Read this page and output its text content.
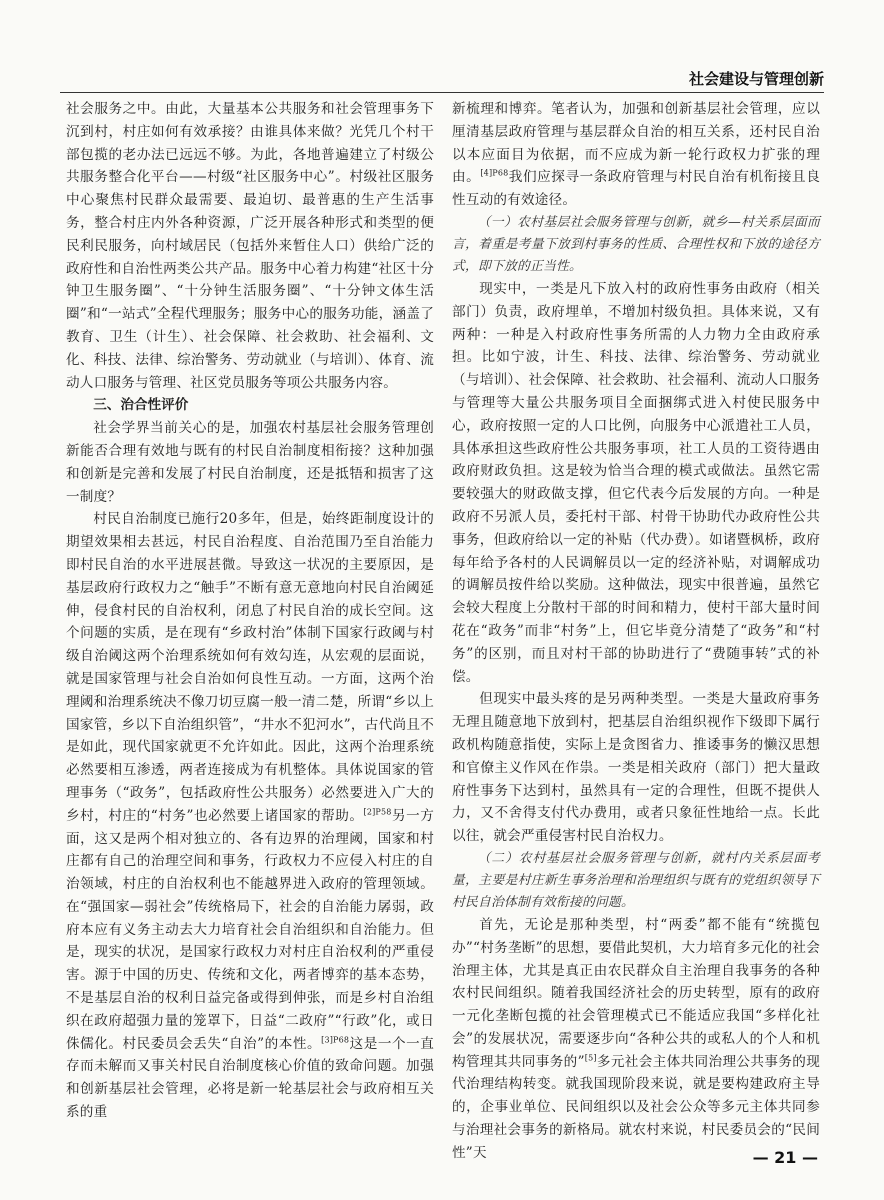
社会建设与管理创新

社会服务之中。由此，大量基本公共服务和社会管理事务下沉到村，村庄如何有效承接？由谁具体来做？光凭几个村干部包揽的老办法已远远不够。为此，各地普遍建立了村级公共服务整合化平台——村级“社区服务中心”。村级社区服务中心聚焦村民群众最需要、最迫切、最普惠的生产生活事务，整合村庄内外各种资源，广泛开展各种形式和类型的便民利民服务，向村域居民（包括外来暂住人口）供给广泛的政府性和自治性两类公共产品。服务中心着力构建“社区十分钟卫生服务圈”、“十分钟生活服务圈”、“十分钟文体生活圈”和“一站式”全程代理服务；服务中心的服务功能，涵盖了教育、卫生（计生）、社会保障、社会救助、社会福利、文化、科技、法律、综治警务、劳动就业（与培训）、体育、流动人口服务与管理、社区党员服务等项公共服务内容。

三、治合性评价

社会学界当前关心的是，加强农村基层社会服务管理创新能否合理有效地与既有的村民自治制度相衔接？这种加强和创新是完善和发展了村民自治制度，还是抵牾和损害了这一制度？

村民自治制度已施行20多年，但是，始终距制度设计的期望效果相去甚远，村民自治程度、自治范围乃至自治能力即村民自治的水平进展甚微。导致这一状况的主要原因，是基层政府行政权力之“触手”不断有意无意地向村民自治阈延伸，侵食村民的自治权利，闭息了村民自治的成长空间。这个问题的实质，是在现有“乡政村治”体制下国家行政阈与村级自治阈这两个治理系统如何有效勾连，从宏观的层面说，就是国家管理与社会自治如何良性互动。一方面，这两个治理阈和治理系统决不像刀切豆腐一般一清二楚，所谓“乡以上国家管，乡以下自治组织管”，“井水不犯河水”，古代尚且不是如此，现代国家就更不允许如此。因此，这两个治理系统必然要相互渗透，两者连接成为有机整体。具体说国家的管理事务（“政务”，包括政府性公共服务）必然要进入广大的乡村，村庄的“村务”也必然要上诸国家的帮助。$^{[2]P58}$另一方面，这又是两个相对独立的、各有边界的治理阈，国家和村庄都有自己的治理空间和事务，行政权力不应侵入村庄的自治领域，村庄的自治权利也不能越界进入政府的管理领域。在“强国家—弱社会”传统格局下，社会的自治能力孱弱，政府本应有义务主动去大力培育社会自治组织和自治能力。但是，现实的状况，是国家行政权力对村庄自治权利的严重侵害。源于中国的历史、传统和文化，两者博弈的基本态势，不是基层自治的权利日益完备或得到伸张，而是乡村自治组织在政府超强力量的笼罩下，日益“二政府”“行政”化，或日侏儒化。村民委员会丢失“自治”的本性。$^{[3]P68}$这是一个一直存而未解而又事关村民自治制度核心价值的致命问题。加强和创新基层社会管理，必将是新一轮基层社会与政府相互关系的重

新梳理和博弈。笔者认为，加强和创新基层社会管理，应以厘清基层政府管理与基层群众自治的相互关系，还村民自治以本应面目为依据，而不应成为新一轮行政权力扩张的理由。$^{[4]P68}$我们应探寻一条政府管理与村民自治有机衔接且良性互动的有效途径。

（一）农村基层社会服务管理与创新，就乡—村关系层面而言，着重是考量下放到村事务的性质、合理性权和下放的途径方式，即下放的正当性。

现实中，一类是凡下放入村的政府性事务由政府（相关部门）负责，政府埋单，不增加村级负担。具体来说，又有两种：一种是入村政府性事务所需的人力物力全由政府承担。比如宁波，计生、科技、法律、综治警务、劳动就业（与培训）、社会保障、社会救助、社会福利、流动人口服务与管理等大量公共服务项目全面捆绑式进入村使民服务中心，政府按照一定的人口比例，向服务中心派遣社工人员，具体承担这些政府性公共服务事项，社工人员的工资待遇由政府财政负担。这是较为恰当合理的模式或做法。虽然它需要较强大的财政做支撑，但它代表今后发展的方向。一种是政府不另派人员，委托村干部、村骨干协助代办政府性公共事务，但政府给以一定的补贴（代办费）。如诸暨枫桥，政府每年给予各村的人民调解员以一定的经济补贴，对调解成功的调解员按件给以奖励。这种做法，现实中很普遍，虽然它会较大程度上分散村干部的时间和精力，使村干部大量时间花在“政务”而非“村务”上，但它毕竟分清楚了“政务”和“村务”的区别，而且对村干部的协助进行了“费随事转”式的补偿。

但现实中最头疼的是另两种类型。一类是大量政府事务无理且随意地下放到村，把基层自治组织视作下级即下属行政机构随意指使，实际上是贪图省力、推诿事务的懒汉思想和官僚主义作风在作祟。一类是相关政府（部门）把大量政府性事务下达到村，虽然具有一定的合理性，但既不提供人力，又不舍得支付代办费用，或者只象征性地给一点。长此以往，就会严重侵害村民自治权力。

（二）农村基层社会服务管理与创新，就村内关系层面考量，主要是村庄新生事务治理和治理组织与既有的党组织领导下村民自治体制有效衔接的问题。

首先，无论是那种类型，村“两委”都不能有“统揽包办”“村务垄断”的思想，要借此契机，大力培育多元化的社会治理主体，尤其是真正由农民群众自主治理自我事务的各种农村民间组织。随着我国经济社会的历史转型，原有的政府一元化垄断包揽的社会管理模式已不能适应我国“多样化社会”的发展状况，需要逐步向“各种公共的或私人的个人和机构管理其共同事务的”[5]多元社会主体共同治理公共事务的现代治理结构转变。就我国现阶段来说，就是要构建政府主导的，企事业单位、民间组织以及社会公众等多元主体共同参与治理社会事务的新格局。就农村来说，村民委员会的“民间性”天	— 21 —
